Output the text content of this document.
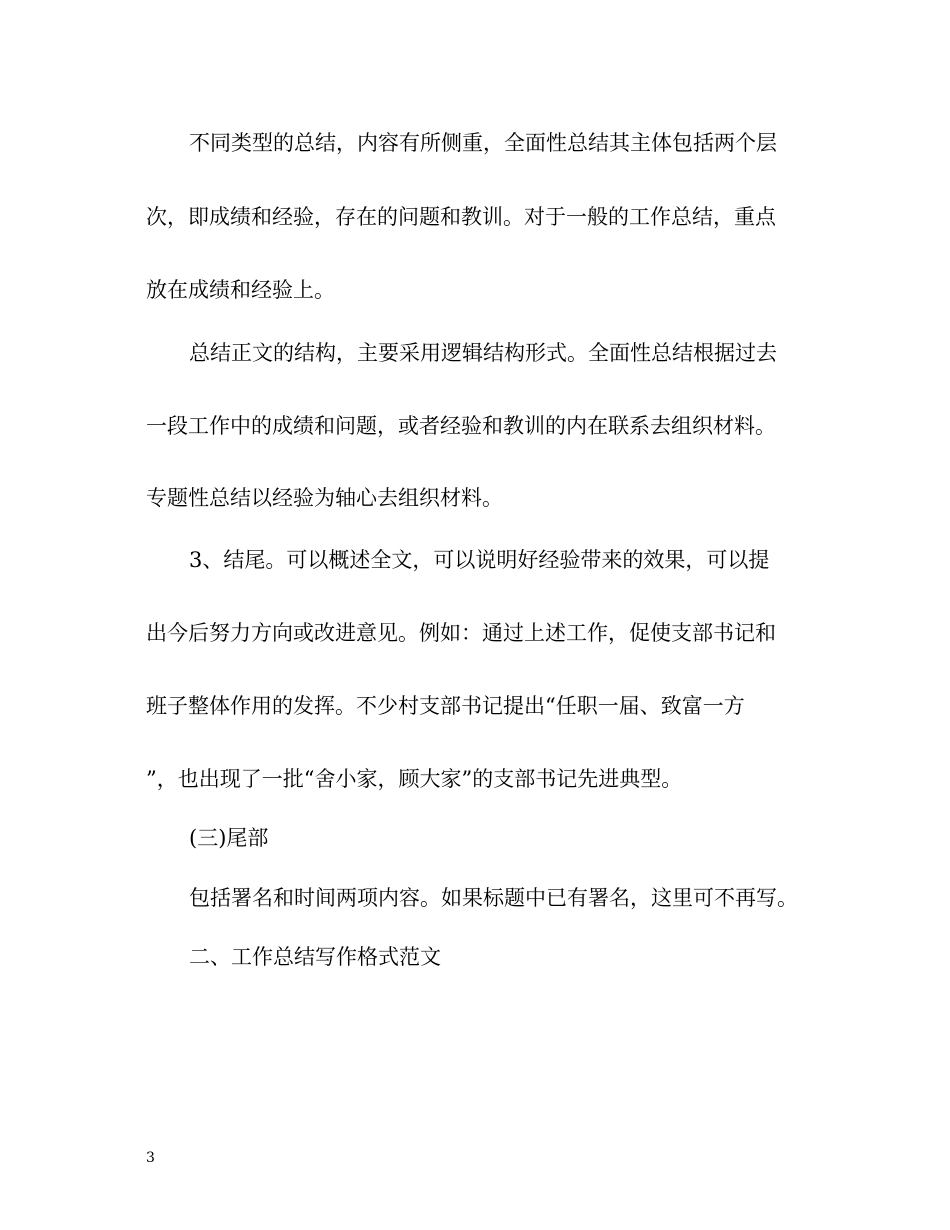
不同类型的总结，内容有所侧重，全面性总结其主体包括两个层
次，即成绩和经验，存在的问题和教训。对于一般的工作总结，重点
放在成绩和经验上。
总结正文的结构，主要采用逻辑结构形式。全面性总结根据过去
一段工作中的成绩和问题，或者经验和教训的内在联系去组织材料。
专题性总结以经验为轴心去组织材料。
3、结尾。可以概述全文，可以说明好经验带来的效果，可以提
出今后努力方向或改进意见。例如：通过上述工作，促使支部书记和
班子整体作用的发挥。不少村支部书记提出“任职一届、致富一方
”，也出现了一批“舍小家，顾大家”的支部书记先进典型。
(三)尾部
包括署名和时间两项内容。如果标题中已有署名，这里可不再写。
二、工作总结写作格式范文
3
